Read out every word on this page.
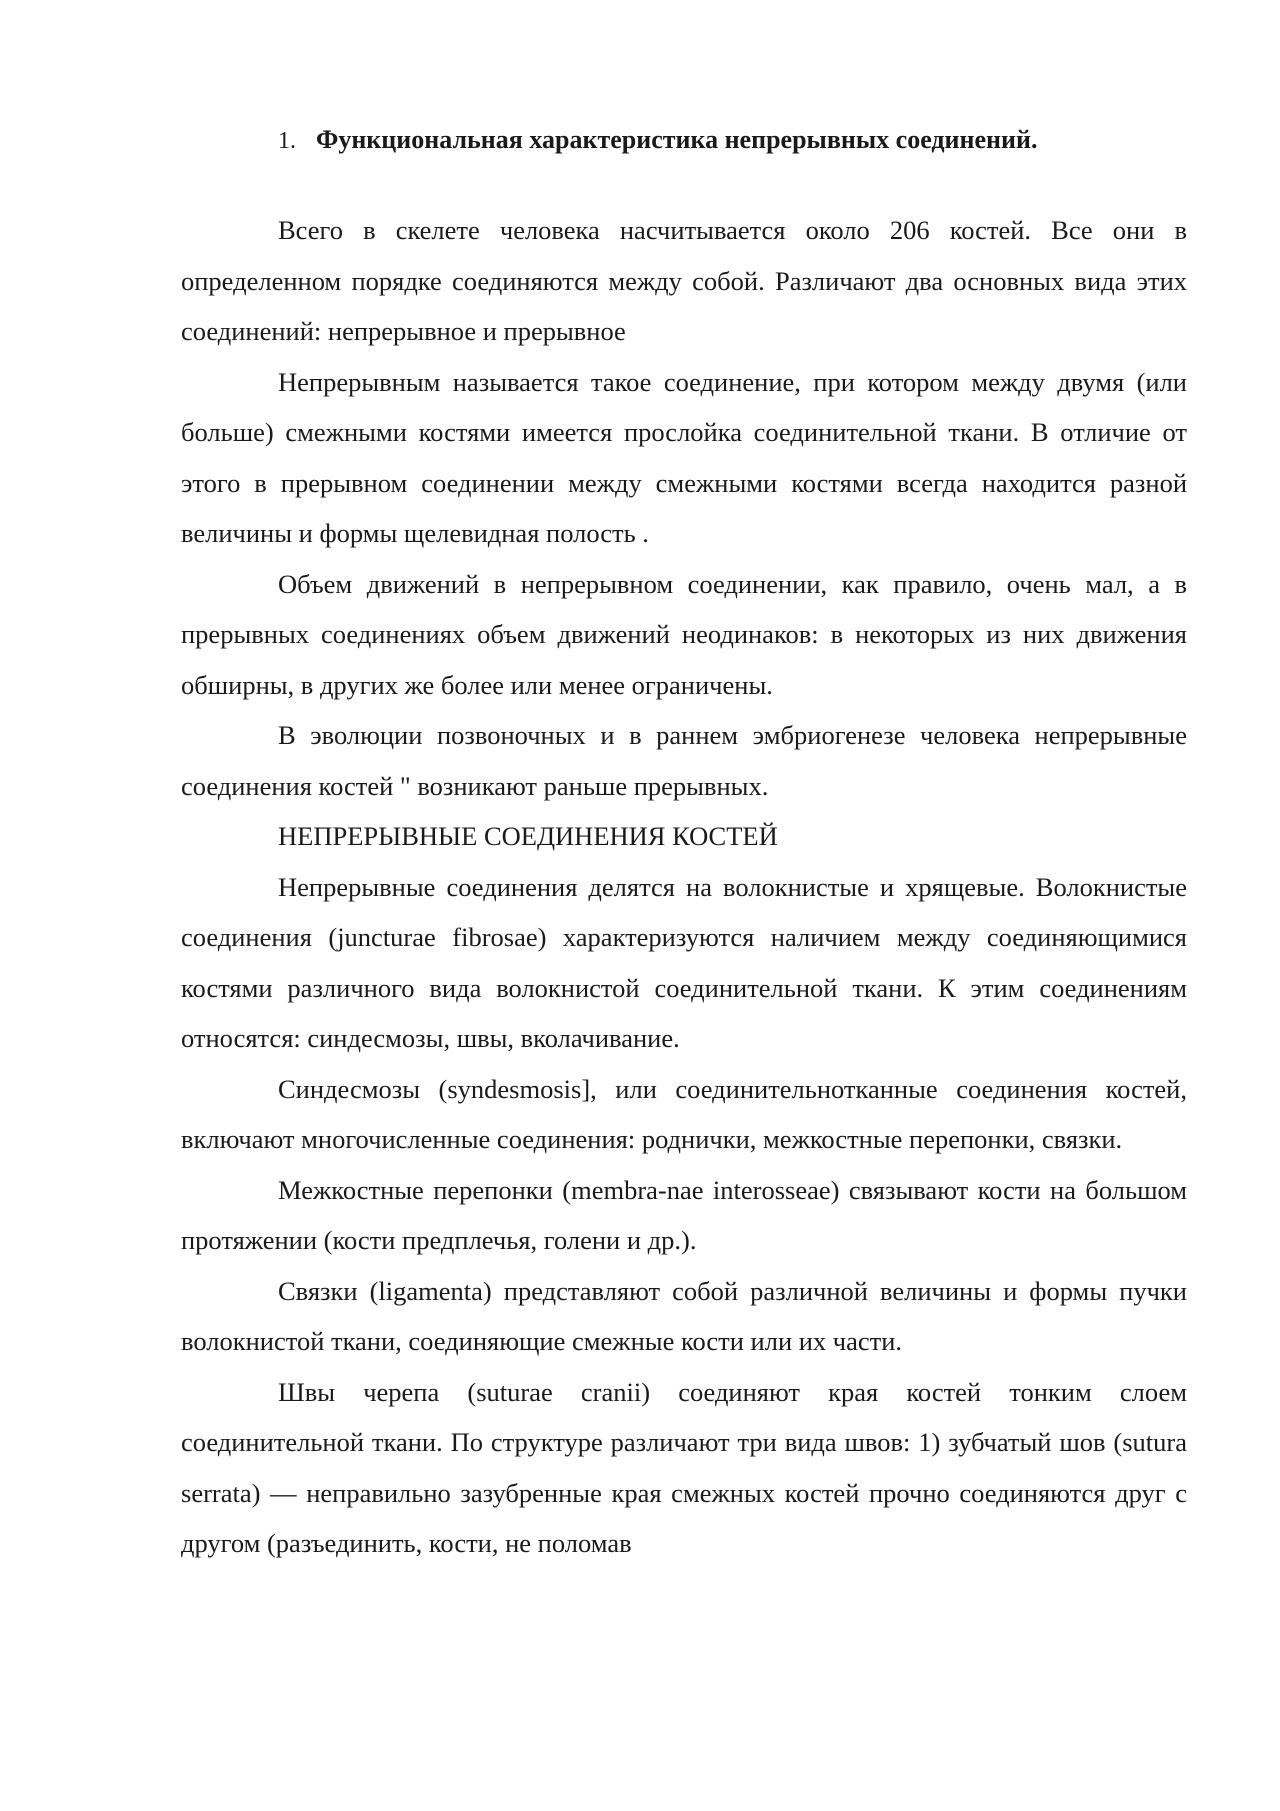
1. Функциональная характеристика непрерывных соединений.

Всего в скелете человека насчитывается около 206 костей. Все они в определенном порядке соединяются между собой. Различают два основных вида этих соединений: непрерывное и прерывное

Непрерывным называется такое соединение, при котором между двумя (или больше) смежными костями имеется прослойка соединительной ткани. В отличие от этого в прерывном соединении между смежными костями всегда находится разной величины и формы щелевидная полость .

Объем движений в непрерывном соединении, как правило, очень мал, а в прерывных соединениях объем движений неодинаков: в некоторых из них движения обширны, в других же более или менее ограничены.

В эволюции позвоночных и в раннем эмбриогенезе человека непрерывные соединения костей " возникают раньше прерывных.

НЕПРЕРЫВНЫЕ СОЕДИНЕНИЯ КОСТЕЙ

Непрерывные соединения делятся на волокнистые и хрящевые. Волокнистые соединения (juncturae fibrosae) характеризуются наличием между соединяющимися костями различного вида волокнистой соединительной ткани. К этим соединениям относятся: синдесмозы, швы, вколачивание.

Синдесмозы (syndesmosis], или соединительнотканные соединения костей, включают многочисленные соединения: роднички, межкостные перепонки, связки.

Межкостные перепонки (membra-nae interosseae) связывают кости на большом протяжении (кости предплечья, голени и др.).

Связки (ligamenta) представляют собой различной величины и формы пучки волокнистой ткани, соединяющие смежные кости или их части.

Швы черепа (suturae cranii) соединяют края костей тонким слоем соединительной ткани. По структуре различают три вида швов: 1) зубчатый шов (sutura serrata) — неправильно зазубренные края смежных костей прочно соединяются друг с другом (разъединить, кости, не поломав
